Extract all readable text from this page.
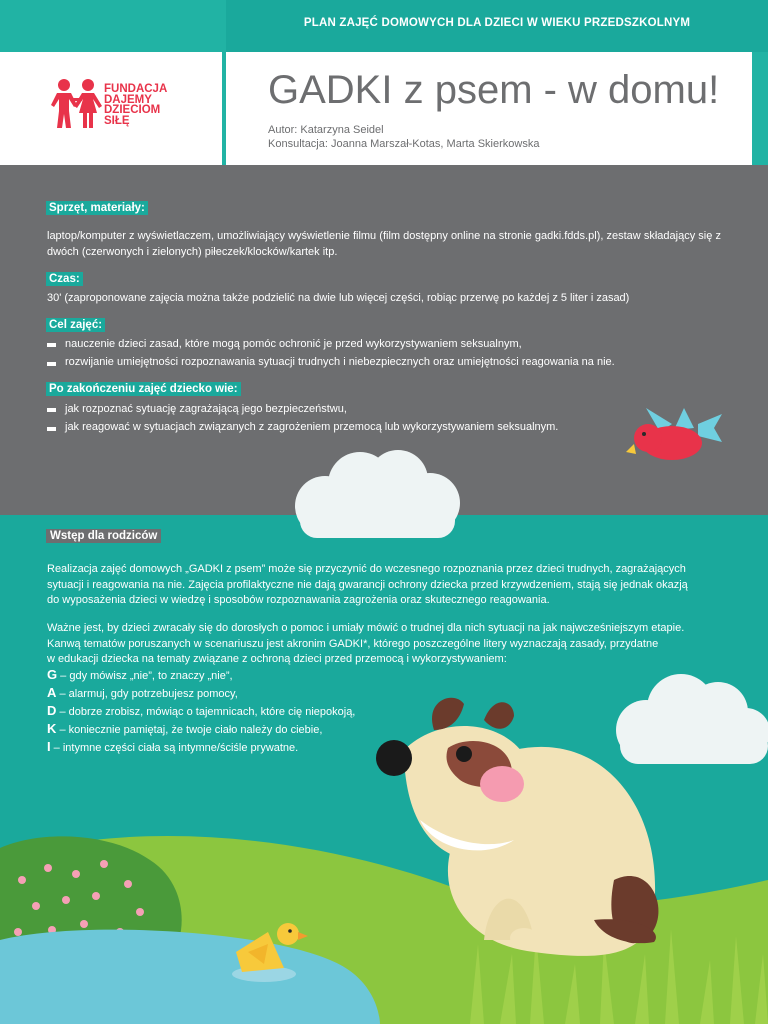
PLAN ZAJĘĆ DOMOWYCH DLA DZIECI W WIEKU PRZEDSZKOLNYM
FUNDACJA
DAJEMY
DZIECIOM
SIŁĘ
GADKI z psem - w domu!
Autor: Katarzyna Seidel
Konsultacja: Joanna Marszał-Kotas, Marta Skierkowska
Sprzęt, materiały:
laptop/komputer z wyświetlaczem, umożliwiający wyświetlenie filmu (film dostępny online na stronie gadki.fdds.pl), zestaw składający się z dwóch (czerwonych i zielonych) piłeczek/klocków/kartek itp.
Czas:
30' (zaproponowane zajęcia można także podzielić na dwie lub więcej części, robiąc przerwę po każdej z 5 liter i zasad)
Cel zajęć:
nauczenie dzieci zasad, które mogą pomóc ochronić je przed wykorzystywaniem seksualnym,
rozwijanie umiejętności rozpoznawania sytuacji trudnych i niebezpiecznych oraz umiejętności reagowania na nie.
Po zakończeniu zajęć dziecko wie:
jak rozpoznać sytuację zagrażającą jego bezpieczeństwu,
jak reagować w sytuacjach związanych z zagrożeniem przemocą lub wykorzystywaniem seksualnym.
Wstęp dla rodziców
Realizacja zajęć domowych „GADKI z psem” może się przyczynić do wczesnego rozpoznania przez dzieci trudnych, zagrażających
sytuacji i reagowania na nie. Zajęcia profilaktyczne nie dają gwarancji ochrony dziecka przed krzywdzeniem, stają się jednak okazją
do wyposażenia dzieci w wiedzę i sposobów rozpoznawania zagrożenia oraz skutecznego reagowania.
Ważne jest, by dzieci zwracały się do dorosłych o pomoc i umiały mówić o trudnej dla nich sytuacji na jak najwcześniejszym etapie.
Kanwą tematów poruszanych w scenariuszu jest akronim GADKI*, którego poszczególne litery wyznaczają zasady, przydatne
w edukacji dziecka na tematy związane z ochroną dzieci przed przemocą i wykorzystywaniem:
G – gdy mówisz „nie”, to znaczy „nie”,
A – alarmuj, gdy potrzebujesz pomocy,
D – dobrze zrobisz, mówiąc o tajemnicach, które cię niepokoją,
K – koniecznie pamiętaj, że twoje ciało należy do ciebie,
I – intymne części ciała są intymne/ściśle prywatne.
